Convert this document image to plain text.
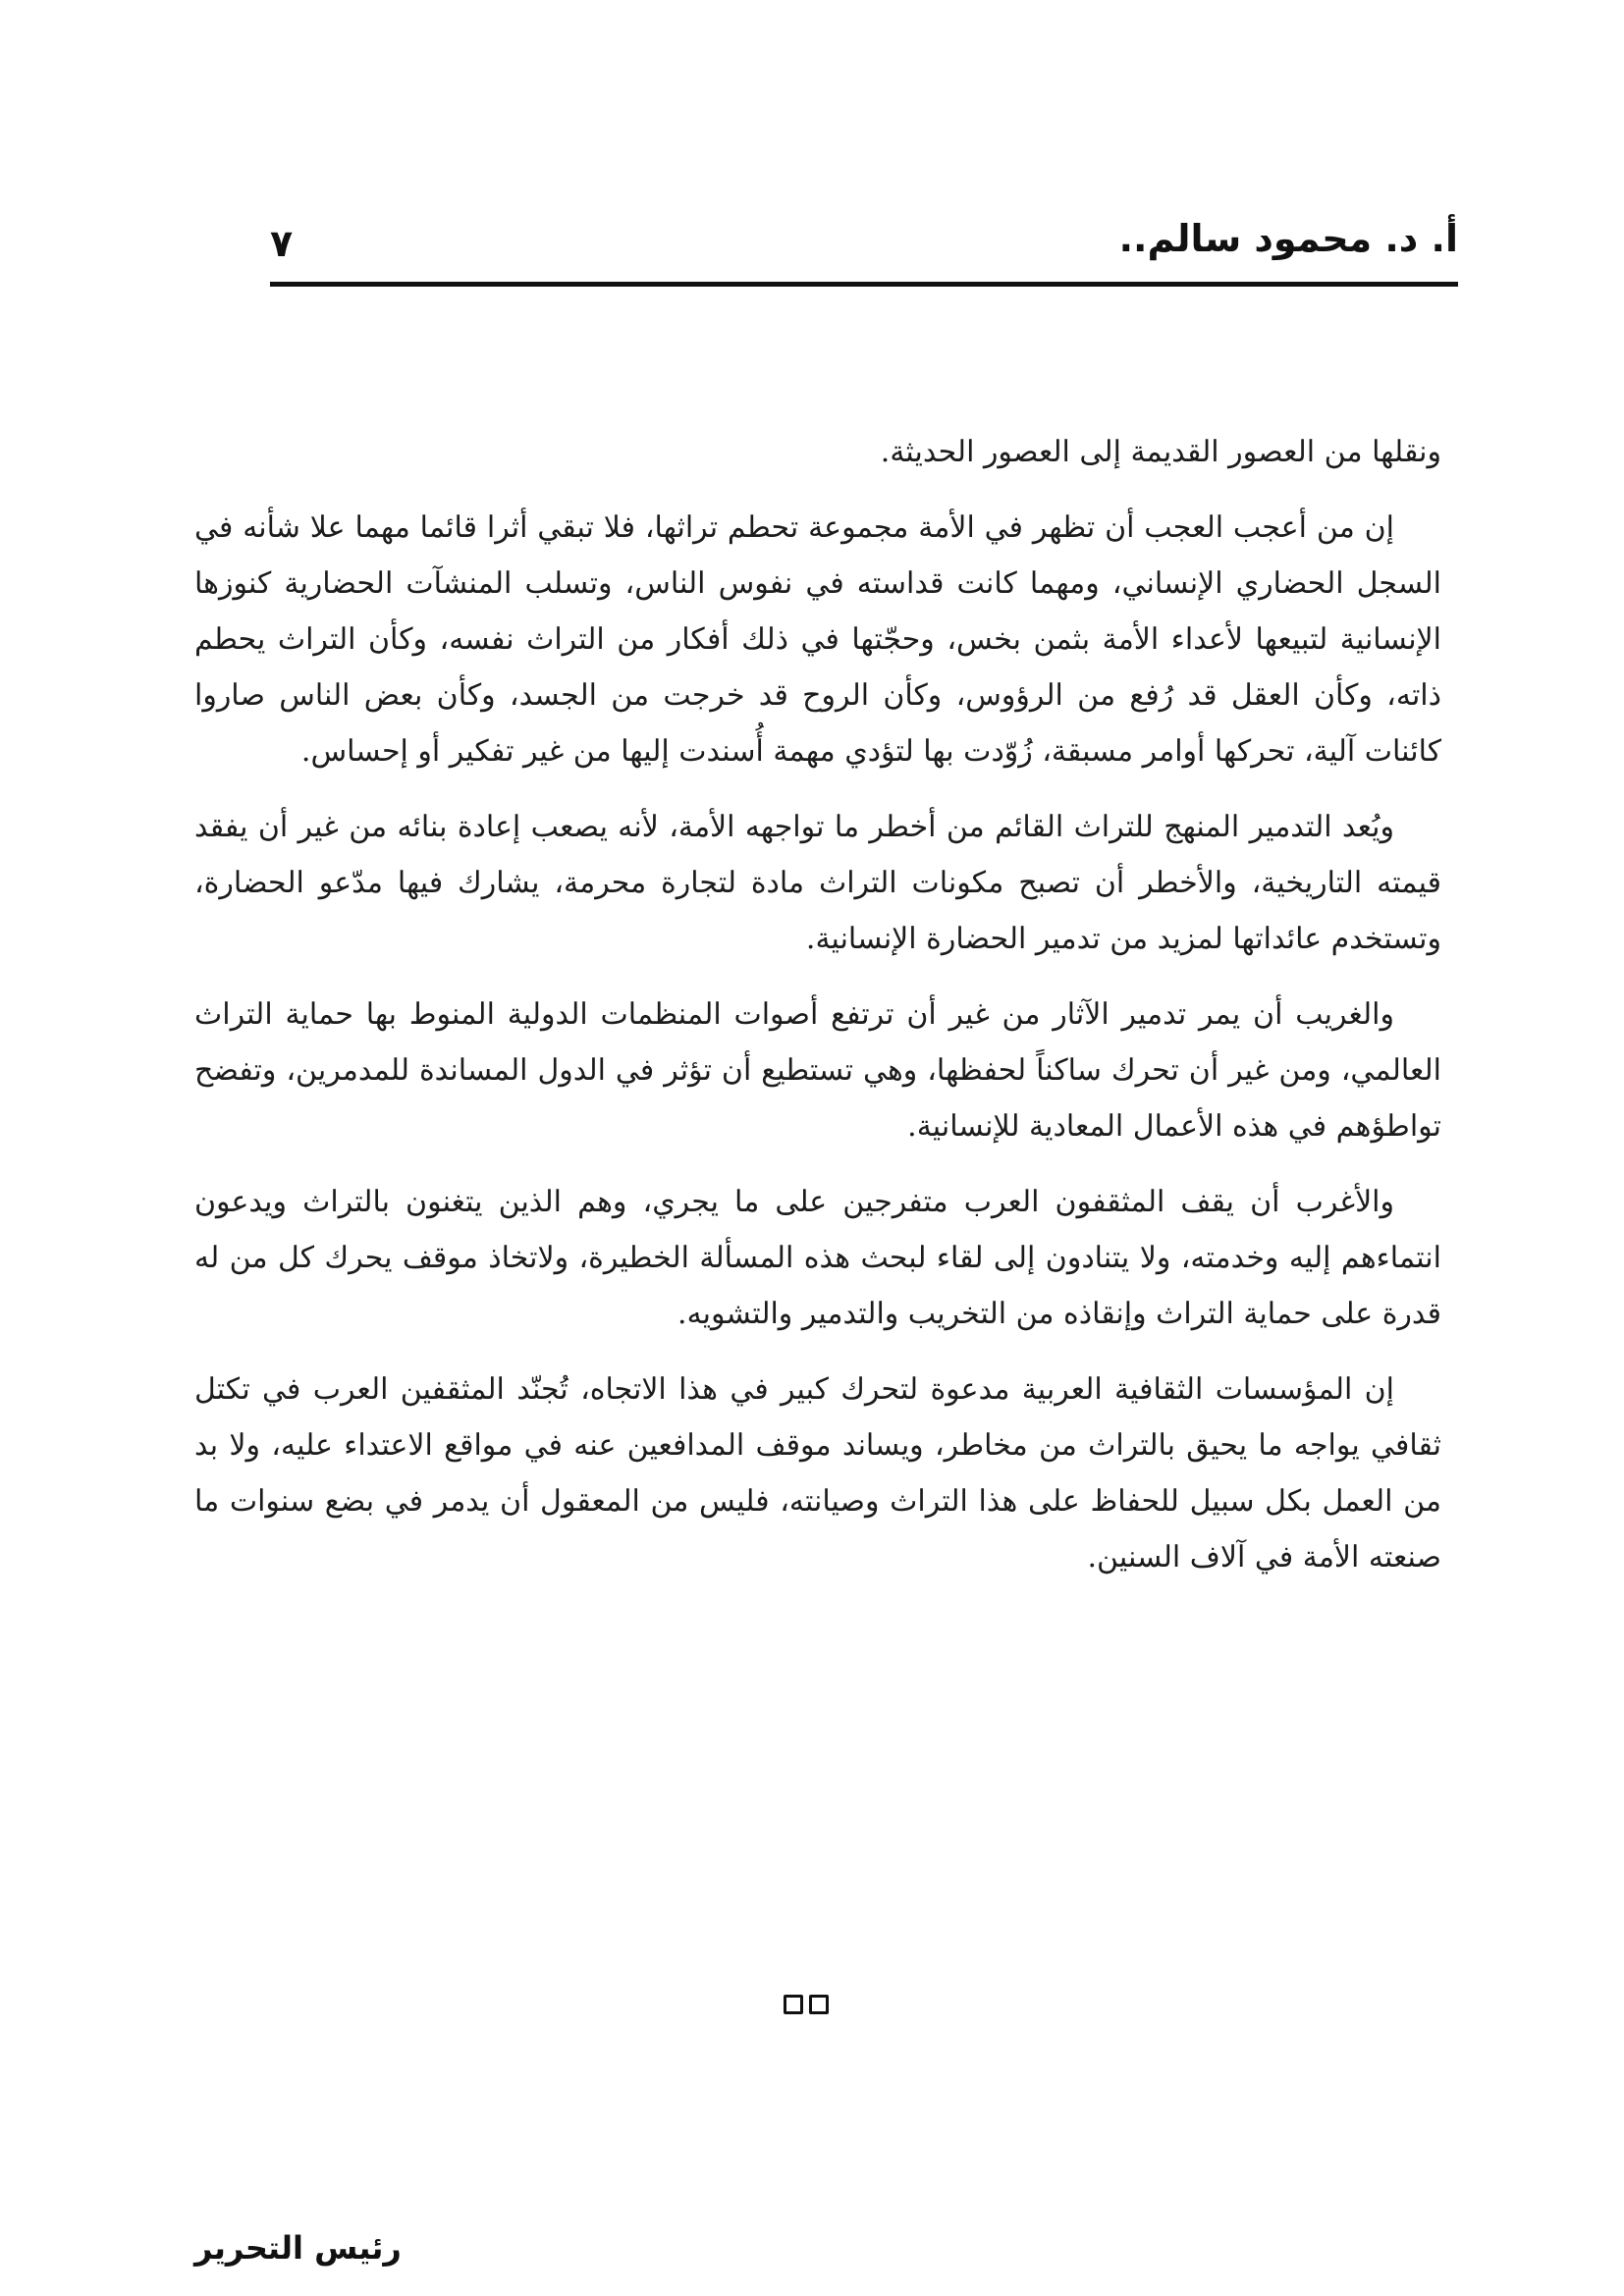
أ. د. محمود سالم..
٧

ونقلها من العصور القديمة إلى العصور الحديثة.

إن من أعجب العجب أن تظهر في الأمة مجموعة تحطم تراثها، فلا تبقي أثرا قائما مهما علا شأنه في السجل الحضاري الإنساني، ومهما كانت قداسته في نفوس الناس، وتسلب المنشآت الحضارية كنوزها الإنسانية لتبيعها لأعداء الأمة بثمن بخس، وحجّتها في ذلك أفكار من التراث نفسه، وكأن التراث يحطم ذاته، وكأن العقل قد رُفع من الرؤوس، وكأن الروح قد خرجت من الجسد، وكأن بعض الناس صاروا كائنات آلية، تحركها أوامر مسبقة، زُوّدت بها لتؤدي مهمة أُسندت إليها من غير تفكير أو إحساس.

ويُعد التدمير المنهج للتراث القائم من أخطر ما تواجهه الأمة، لأنه يصعب إعادة بنائه من غير أن يفقد قيمته التاريخية، والأخطر أن تصبح مكونات التراث مادة لتجارة محرمة، يشارك فيها مدّعو الحضارة، وتستخدم عائداتها لمزيد من تدمير الحضارة الإنسانية.

والغريب أن يمر تدمير الآثار من غير أن ترتفع أصوات المنظمات الدولية المنوط بها حماية التراث العالمي، ومن غير أن تحرك ساكناً لحفظها، وهي تستطيع أن تؤثر في الدول المساندة للمدمرين، وتفضح تواطؤهم في هذه الأعمال المعادية للإنسانية.

والأغرب أن يقف المثقفون العرب متفرجين على ما يجري، وهم الذين يتغنون بالتراث ويدعون انتماءهم إليه وخدمته، ولا يتنادون إلى لقاء لبحث هذه المسألة الخطيرة، ولاتخاذ موقف يحرك كل من له قدرة على حماية التراث وإنقاذه من التخريب والتدمير والتشويه.

إن المؤسسات الثقافية العربية مدعوة لتحرك كبير في هذا الاتجاه، تُجنّد المثقفين العرب في تكتل ثقافي يواجه ما يحيق بالتراث من مخاطر، ويساند موقف المدافعين عنه في مواقع الاعتداء عليه، ولا بد من العمل بكل سبيل للحفاظ على هذا التراث وصيانته، فليس من المعقول أن يدمر في بضع سنوات ما صنعته الأمة في آلاف السنين.

رئيس التحرير
